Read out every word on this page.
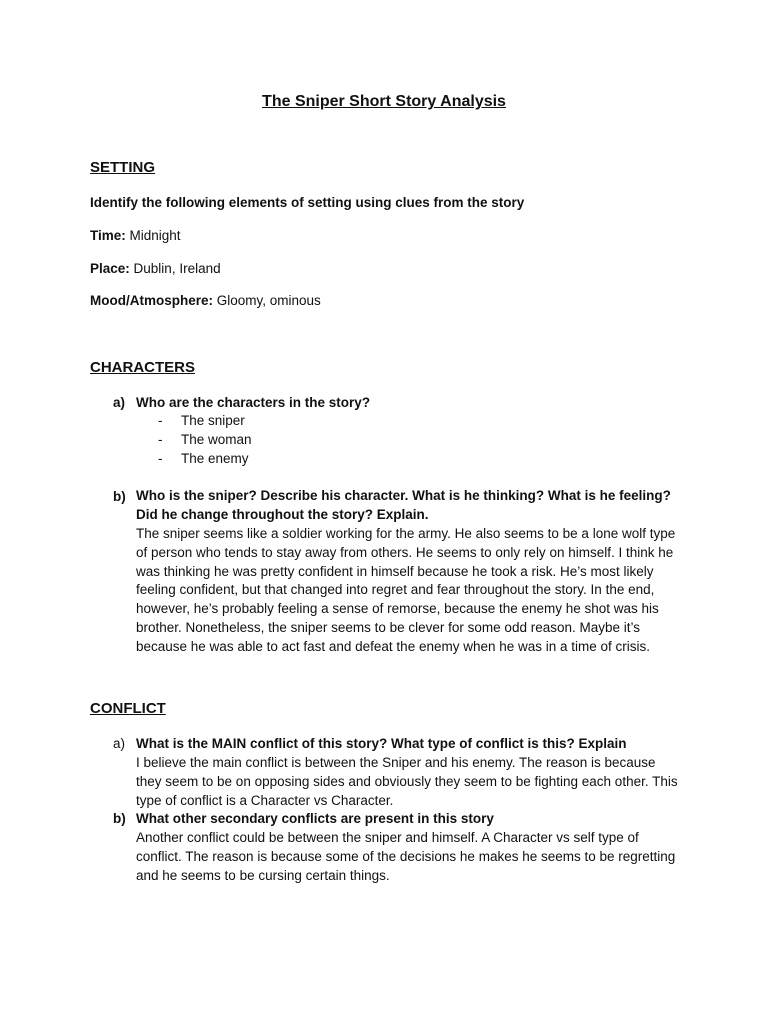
The Sniper Short Story Analysis
SETTING

Identify the following elements of setting using clues from the story

Time: Midnight

Place: Dublin, Ireland

Mood/Atmosphere: Gloomy, ominous

CHARACTERS

a) Who are the characters in the story?

- The sniper

- The woman

- The enemy

b) Who is the sniper? Describe his character. What is he thinking? What is he feeling? Did he change throughout the story? Explain.

The sniper seems like a soldier working for the army. He also seems to be a lone wolf type of person who tends to stay away from others. He seems to only rely on himself. I think he was thinking he was pretty confident in himself because he took a risk. He’s most likely feeling confident, but that changed into regret and fear throughout the story. In the end, however, he’s probably feeling a sense of remorse, because the enemy he shot was his brother. Nonetheless, the sniper seems to be clever for some odd reason. Maybe it’s because he was able to act fast and defeat the enemy when he was in a time of crisis.

CONFLICT

a) What is the MAIN conflict of this story? What type of conflict is this? Explain

I believe the main conflict is between the Sniper and his enemy. The reason is because they seem to be on opposing sides and obviously they seem to be fighting each other. This type of conflict is a Character vs Character.

b) What other secondary conflicts are present in this story

Another conflict could be between the sniper and himself. A Character vs self type of conflict. The reason is because some of the decisions he makes he seems to be regretting and he seems to be cursing certain things.
